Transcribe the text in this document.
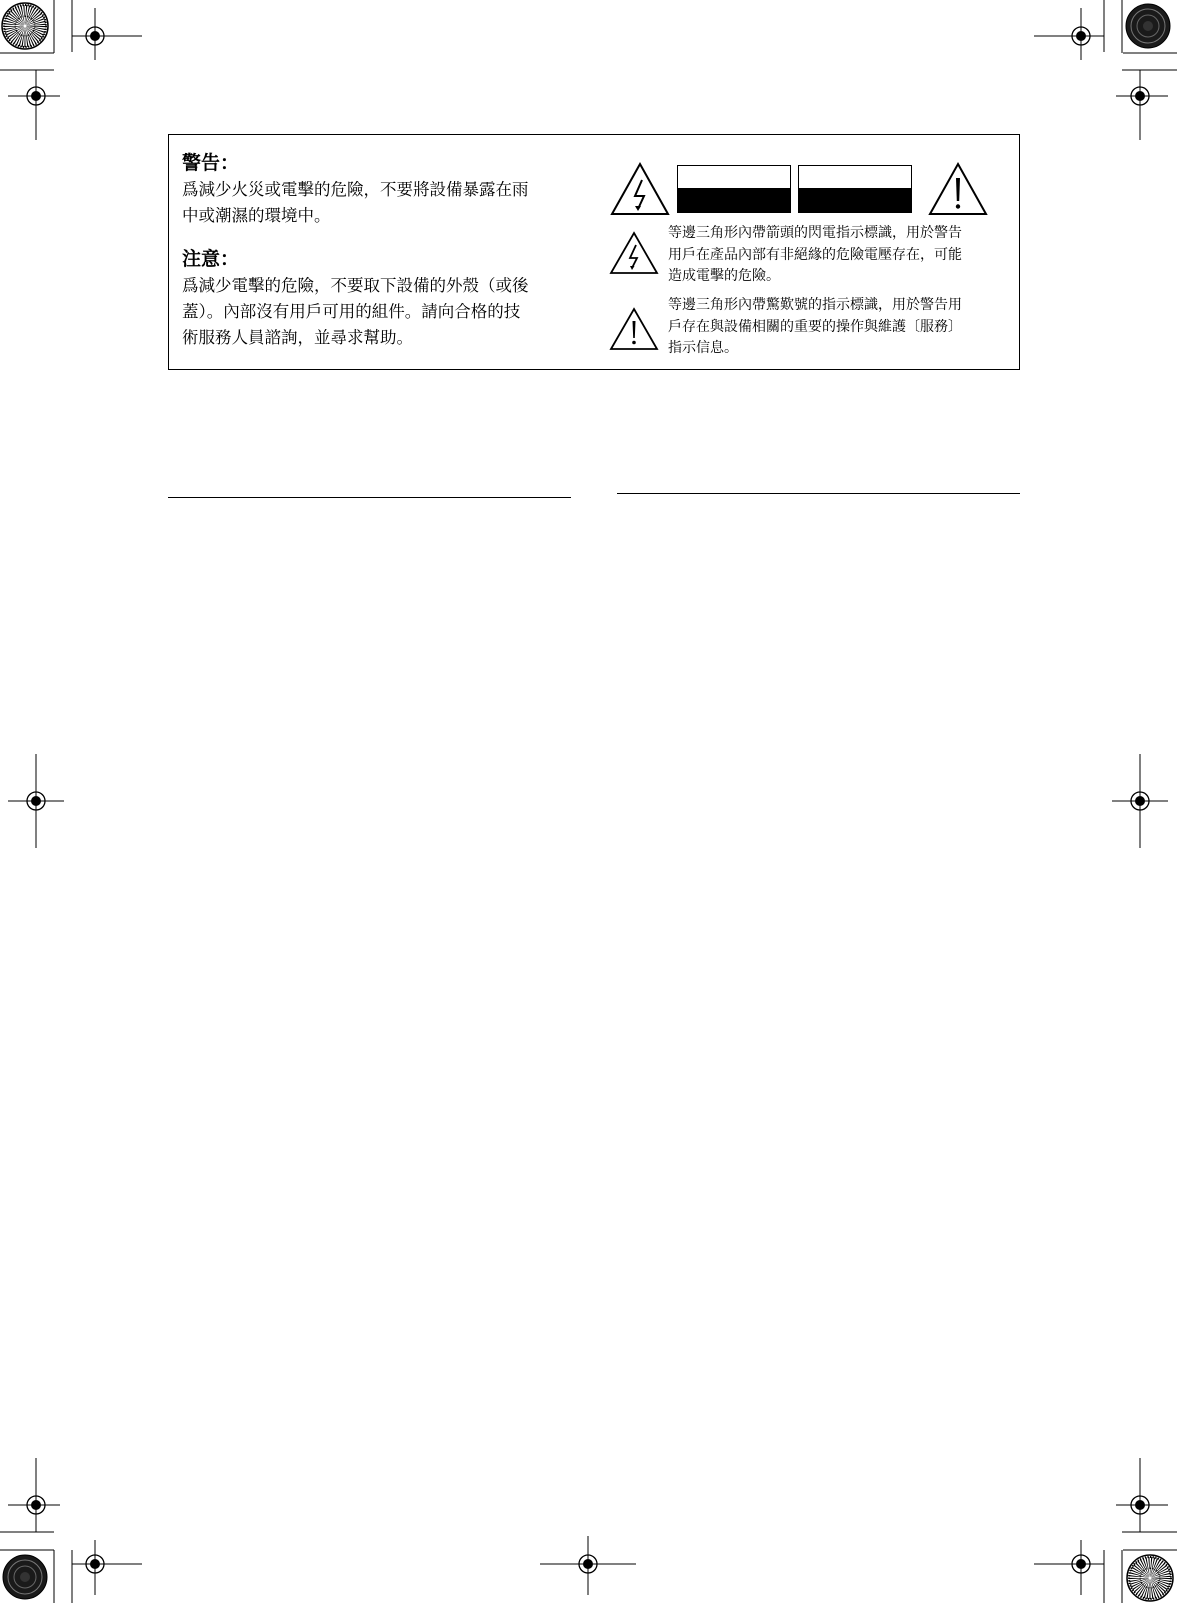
警告：

爲減少火災或電擊的危險，不要將設備暴露在雨
中或潮濕的環境中。

注意：

爲減少電擊的危險，不要取下設備的外殼（或後
蓋）。內部沒有用戶可用的組件。請向合格的技
術服務人員諮詢，並尋求幫助。

等邊三角形內帶箭頭的閃電指示標識，用於警告
用戶在產品內部有非絕緣的危險電壓存在，可能
造成電擊的危險。

等邊三角形內帶驚歎號的指示標識，用於警告用
戶存在與設備相關的重要的操作與維護〔服務〕
指示信息。
